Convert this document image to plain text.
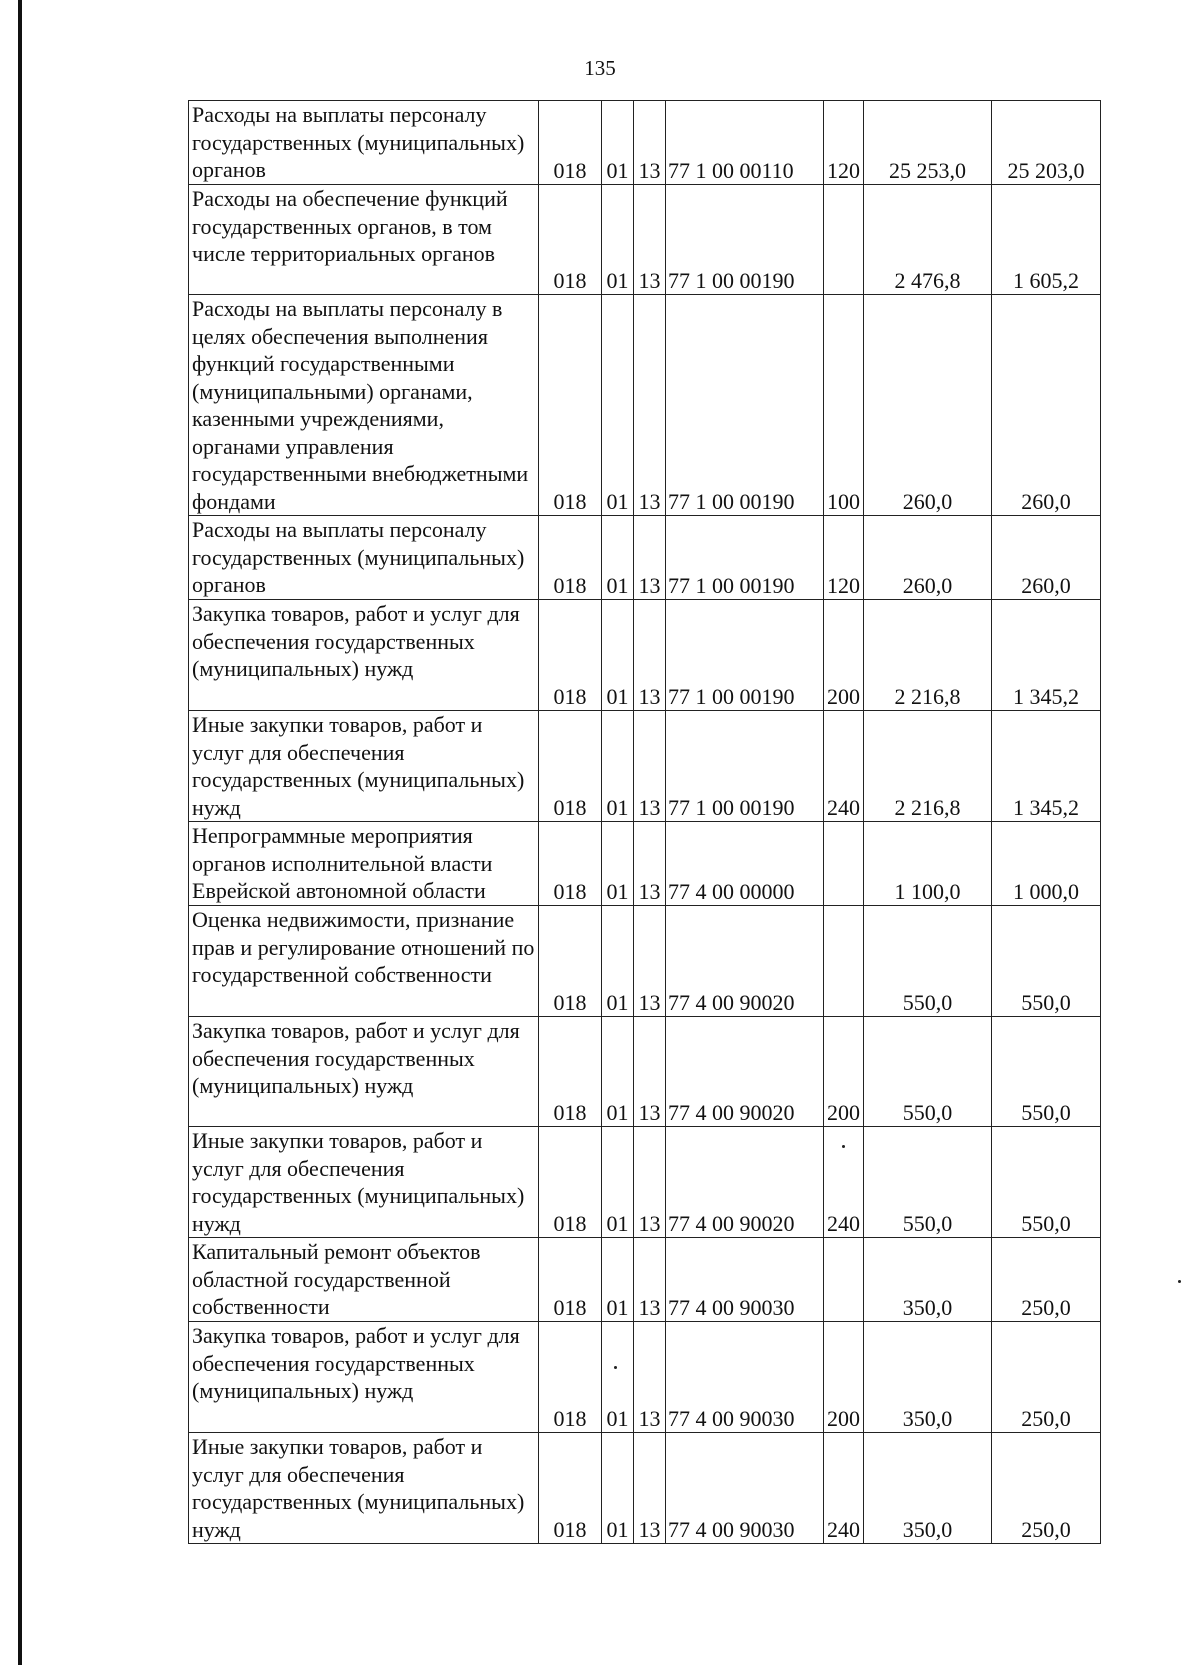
135
Расходы на выплаты персоналу государственных (муниципальных) органов	018	01	13	77 1 00 00110	120	25 253,0	25 203,0
Расходы на обеспечение функций государственных органов, в том числе территориальных органов	018	01	13	77 1 00 00190		2 476,8	1 605,2
Расходы на выплаты персоналу в целях обеспечения выполнения функций государственными (муниципальными) органами, казенными учреждениями, органами управления государственными внебюджетными фондами	018	01	13	77 1 00 00190	100	260,0	260,0
Расходы на выплаты персоналу государственных (муниципальных) органов	018	01	13	77 1 00 00190	120	260,0	260,0
Закупка товаров, работ и услуг для обеспечения государственных (муниципальных) нужд	018	01	13	77 1 00 00190	200	2 216,8	1 345,2
Иные закупки товаров, работ и услуг для обеспечения государственных (муниципальных) нужд	018	01	13	77 1 00 00190	240	2 216,8	1 345,2
Непрограммные мероприятия органов исполнительной власти Еврейской автономной области	018	01	13	77 4 00 00000		1 100,0	1 000,0
Оценка недвижимости, признание прав и регулирование отношений по государственной собственности	018	01	13	77 4 00 90020		550,0	550,0
Закупка товаров, работ и услуг для обеспечения государственных (муниципальных) нужд	018	01	13	77 4 00 90020	200	550,0	550,0
Иные закупки товаров, работ и услуг для обеспечения государственных (муниципальных) нужд	018	01	13	77 4 00 90020	240	550,0	550,0
Капитальный ремонт объектов областной государственной собственности	018	01	13	77 4 00 90030		350,0	250,0
Закупка товаров, работ и услуг для обеспечения государственных (муниципальных) нужд	018	01	13	77 4 00 90030	200	350,0	250,0
Иные закупки товаров, работ и услуг для обеспечения государственных (муниципальных) нужд	018	01	13	77 4 00 90030	240	350,0	250,0
